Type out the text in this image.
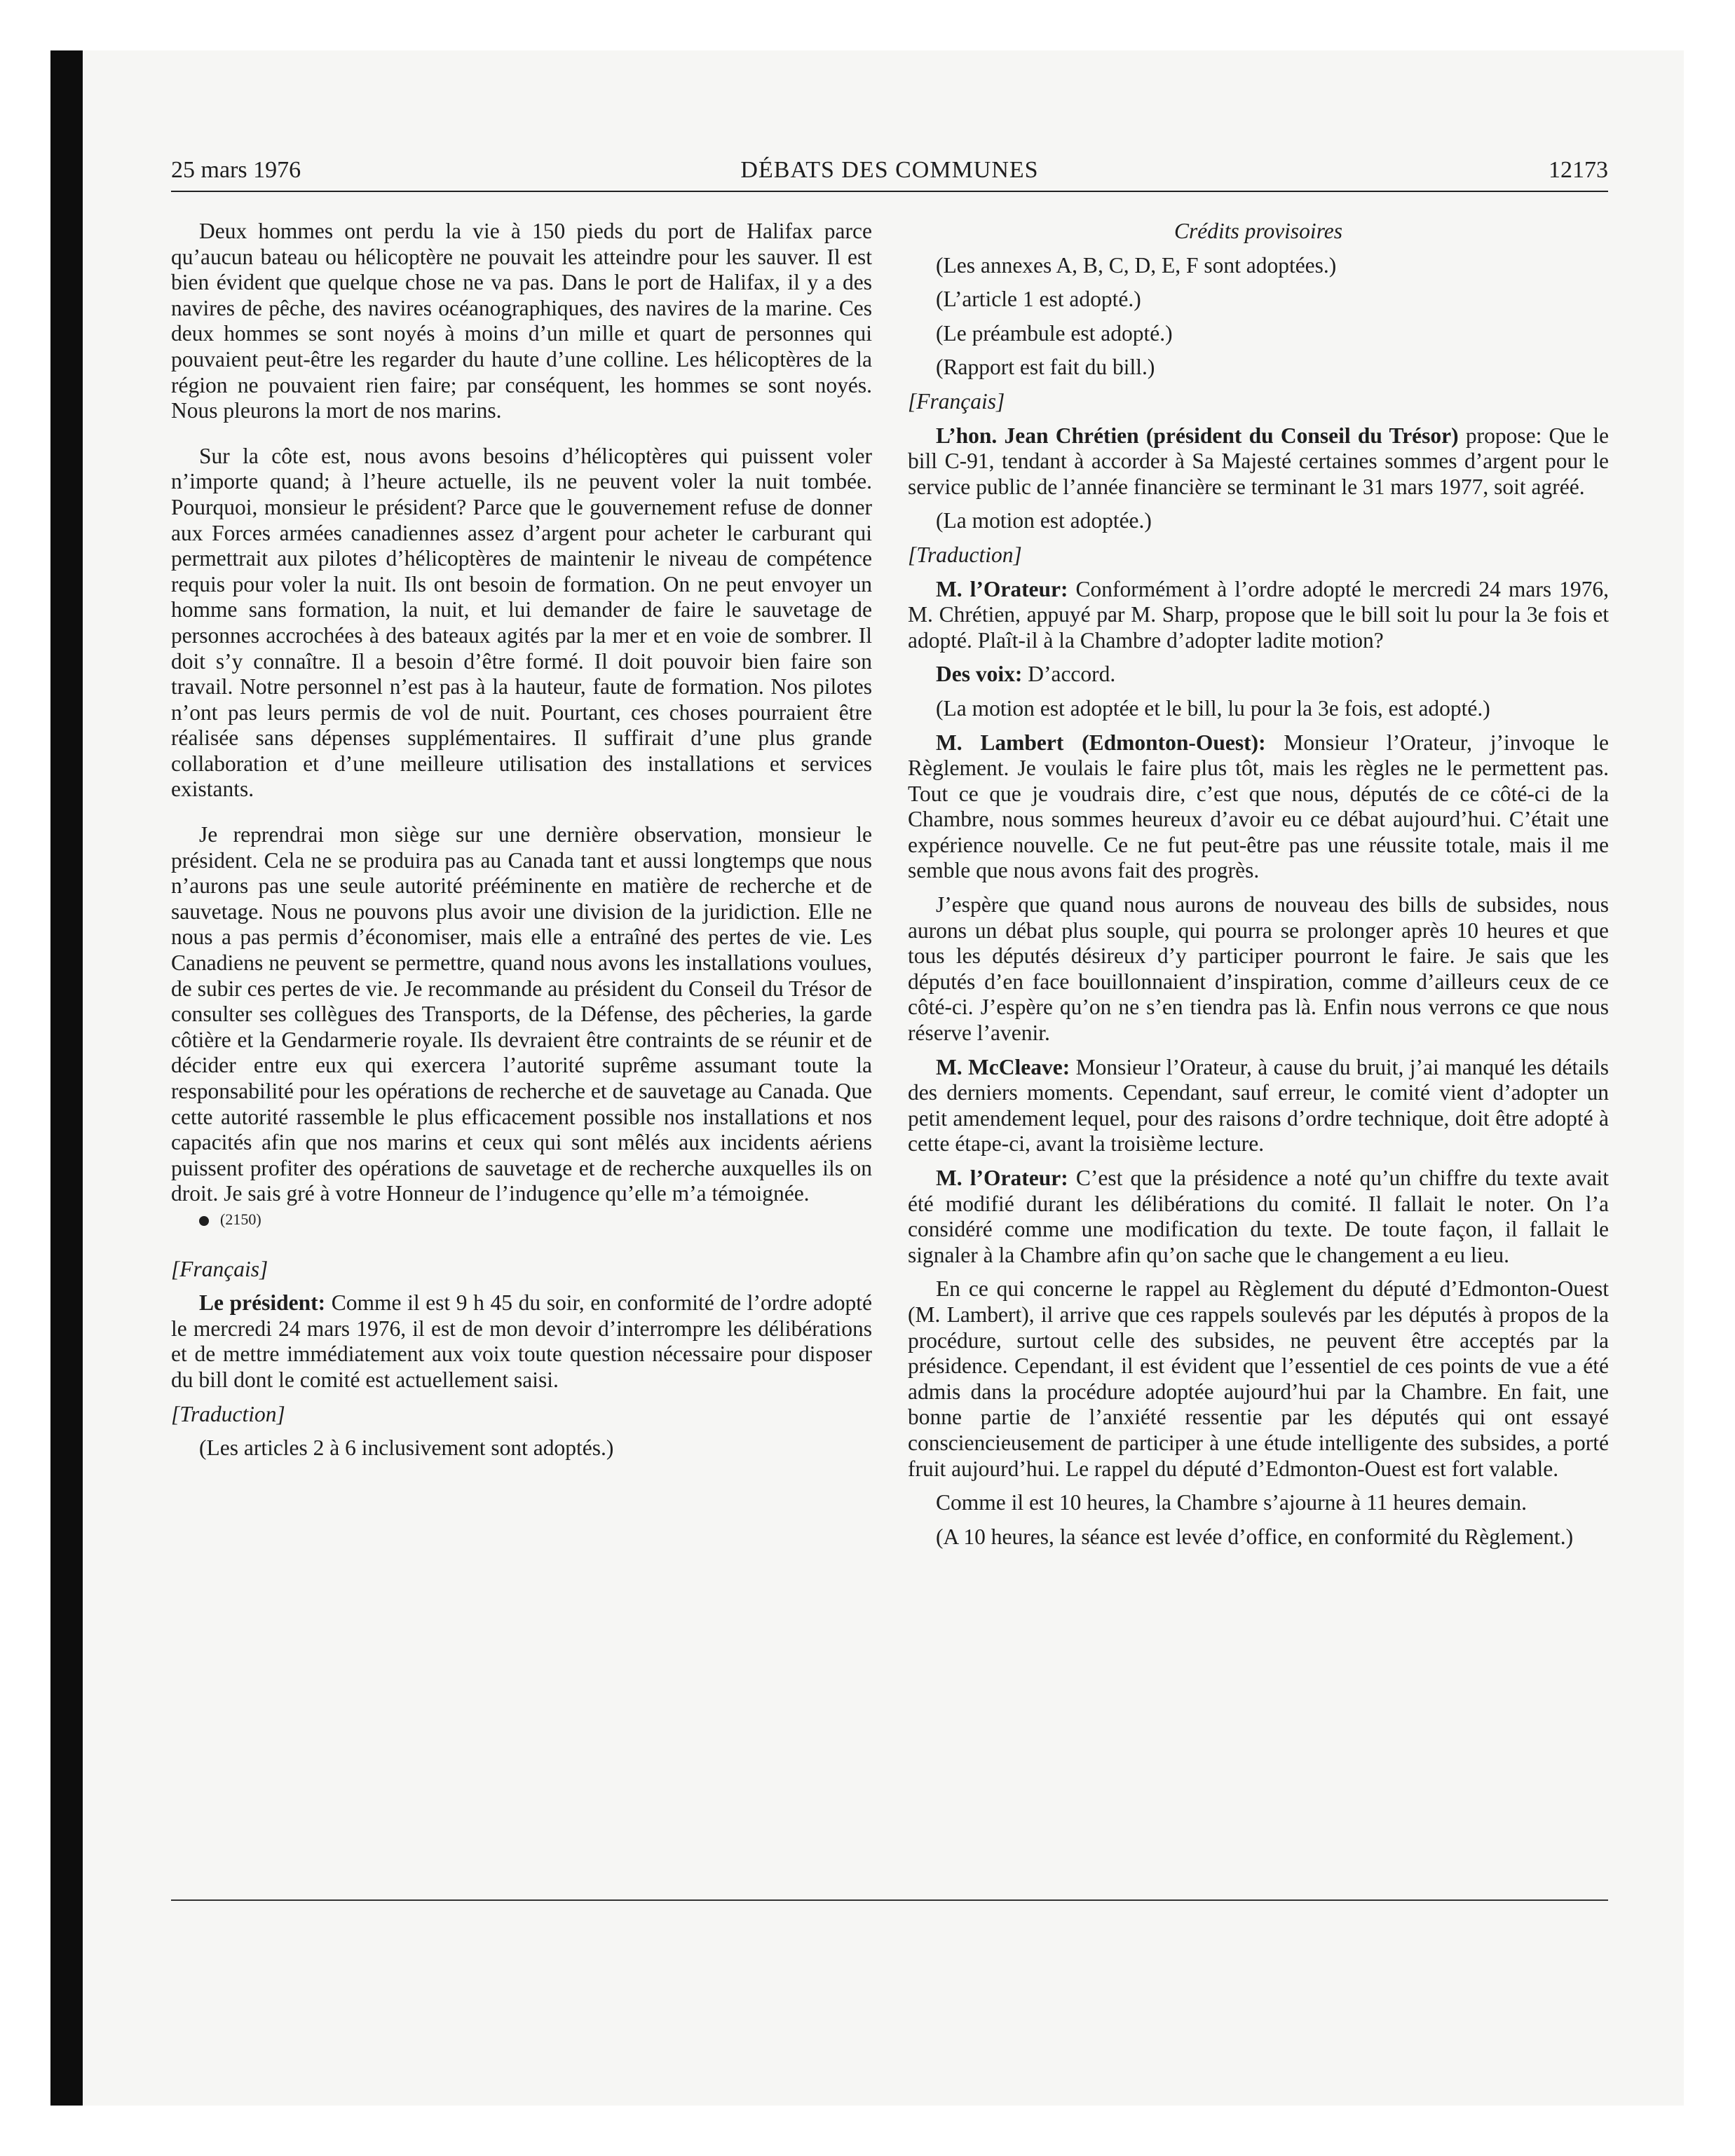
25 mars 1976	DÉBATS DES COMMUNES	12173

Deux hommes ont perdu la vie à 150 pieds du port de Halifax parce qu’aucun bateau ou hélicoptère ne pouvait les atteindre pour les sauver. Il est bien évident que quelque chose ne va pas. Dans le port de Halifax, il y a des navires de pêche, des navires océanographiques, des navires de la marine. Ces deux hommes se sont noyés à moins d’un mille et quart de personnes qui pouvaient peut-être les regarder du haute d’une colline. Les hélicoptères de la région ne pouvaient rien faire; par conséquent, les hommes se sont noyés. Nous pleurons la mort de nos marins.

Sur la côte est, nous avons besoins d’hélicoptères qui puissent voler n’importe quand; à l’heure actuelle, ils ne peuvent voler la nuit tombée. Pourquoi, monsieur le président? Parce que le gouvernement refuse de donner aux Forces armées canadiennes assez d’argent pour acheter le carburant qui permettrait aux pilotes d’hélicoptères de maintenir le niveau de compétence requis pour voler la nuit. Ils ont besoin de formation. On ne peut envoyer un homme sans formation, la nuit, et lui demander de faire le sauvetage de personnes accrochées à des bateaux agités par la mer et en voie de sombrer. Il doit s’y connaître. Il a besoin d’être formé. Il doit pouvoir bien faire son travail. Notre personnel n’est pas à la hauteur, faute de formation. Nos pilotes n’ont pas leurs permis de vol de nuit. Pourtant, ces choses pourraient être réalisée sans dépenses supplémentaires. Il suffirait d’une plus grande collaboration et d’une meilleure utilisation des installations et services existants.

Je reprendrai mon siège sur une dernière observation, monsieur le président. Cela ne se produira pas au Canada tant et aussi longtemps que nous n’aurons pas une seule autorité prééminente en matière de recherche et de sauvetage. Nous ne pouvons plus avoir une division de la juridiction. Elle ne nous a pas permis d’économiser, mais elle a entraîné des pertes de vie. Les Canadiens ne peuvent se permettre, quand nous avons les installations voulues, de subir ces pertes de vie. Je recommande au président du Conseil du Trésor de consulter ses collègues des Transports, de la Défense, des pêcheries, la garde côtière et la Gendarmerie royale. Ils devraient être contraints de se réunir et de décider entre eux qui exercera l’autorité suprême assumant toute la responsabilité pour les opérations de recherche et de sauvetage au Canada. Que cette autorité rassemble le plus efficacement possible nos installations et nos capacités afin que nos marins et ceux qui sont mêlés aux incidents aériens puissent profiter des opérations de sauvetage et de recherche auxquelles ils on droit. Je sais gré à votre Honneur de l’indugence qu’elle m’a témoignée.

(2150)

[Français]

Le président: Comme il est 9 h 45 du soir, en conformité de l’ordre adopté le mercredi 24 mars 1976, il est de mon devoir d’interrompre les délibérations et de mettre immédiatement aux voix toute question nécessaire pour disposer du bill dont le comité est actuellement saisi.

[Traduction]

(Les articles 2 à 6 inclusivement sont adoptés.)

Crédits provisoires

(Les annexes A, B, C, D, E, F sont adoptées.)

(L’article 1 est adopté.)

(Le préambule est adopté.)

(Rapport est fait du bill.)

[Français]

L’hon. Jean Chrétien (président du Conseil du Trésor) propose: Que le bill C-91, tendant à accorder à Sa Majesté certaines sommes d’argent pour le service public de l’année financière se terminant le 31 mars 1977, soit agréé.

(La motion est adoptée.)

[Traduction]

M. l’Orateur: Conformément à l’ordre adopté le mercredi 24 mars 1976, M. Chrétien, appuyé par M. Sharp, propose que le bill soit lu pour la 3e fois et adopté. Plaît-il à la Chambre d’adopter ladite motion?

Des voix: D’accord.

(La motion est adoptée et le bill, lu pour la 3e fois, est adopté.)

M. Lambert (Edmonton-Ouest): Monsieur l’Orateur, j’invoque le Règlement. Je voulais le faire plus tôt, mais les règles ne le permettent pas. Tout ce que je voudrais dire, c’est que nous, députés de ce côté-ci de la Chambre, nous sommes heureux d’avoir eu ce débat aujourd’hui. C’était une expérience nouvelle. Ce ne fut peut-être pas une réussite totale, mais il me semble que nous avons fait des progrès.

J’espère que quand nous aurons de nouveau des bills de subsides, nous aurons un débat plus souple, qui pourra se prolonger après 10 heures et que tous les députés désireux d’y participer pourront le faire. Je sais que les députés d’en face bouillonnaient d’inspiration, comme d’ailleurs ceux de ce côté-ci. J’espère qu’on ne s’en tiendra pas là. Enfin nous verrons ce que nous réserve l’avenir.

M. McCleave: Monsieur l’Orateur, à cause du bruit, j’ai manqué les détails des derniers moments. Cependant, sauf erreur, le comité vient d’adopter un petit amendement lequel, pour des raisons d’ordre technique, doit être adopté à cette étape-ci, avant la troisième lecture.

M. l’Orateur: C’est que la présidence a noté qu’un chiffre du texte avait été modifié durant les délibérations du comité. Il fallait le noter. On l’a considéré comme une modification du texte. De toute façon, il fallait le signaler à la Chambre afin qu’on sache que le changement a eu lieu.

En ce qui concerne le rappel au Règlement du député d’Edmonton-Ouest (M. Lambert), il arrive que ces rappels soulevés par les députés à propos de la procédure, surtout celle des subsides, ne peuvent être acceptés par la présidence. Cependant, il est évident que l’essentiel de ces points de vue a été admis dans la procédure adoptée aujourd’hui par la Chambre. En fait, une bonne partie de l’anxiété ressentie par les députés qui ont essayé consciencieusement de participer à une étude intelligente des subsides, a porté fruit aujourd’hui. Le rappel du député d’Edmonton-Ouest est fort valable.

Comme il est 10 heures, la Chambre s’ajourne à 11 heures demain.

(A 10 heures, la séance est levée d’office, en conformité du Règlement.)
